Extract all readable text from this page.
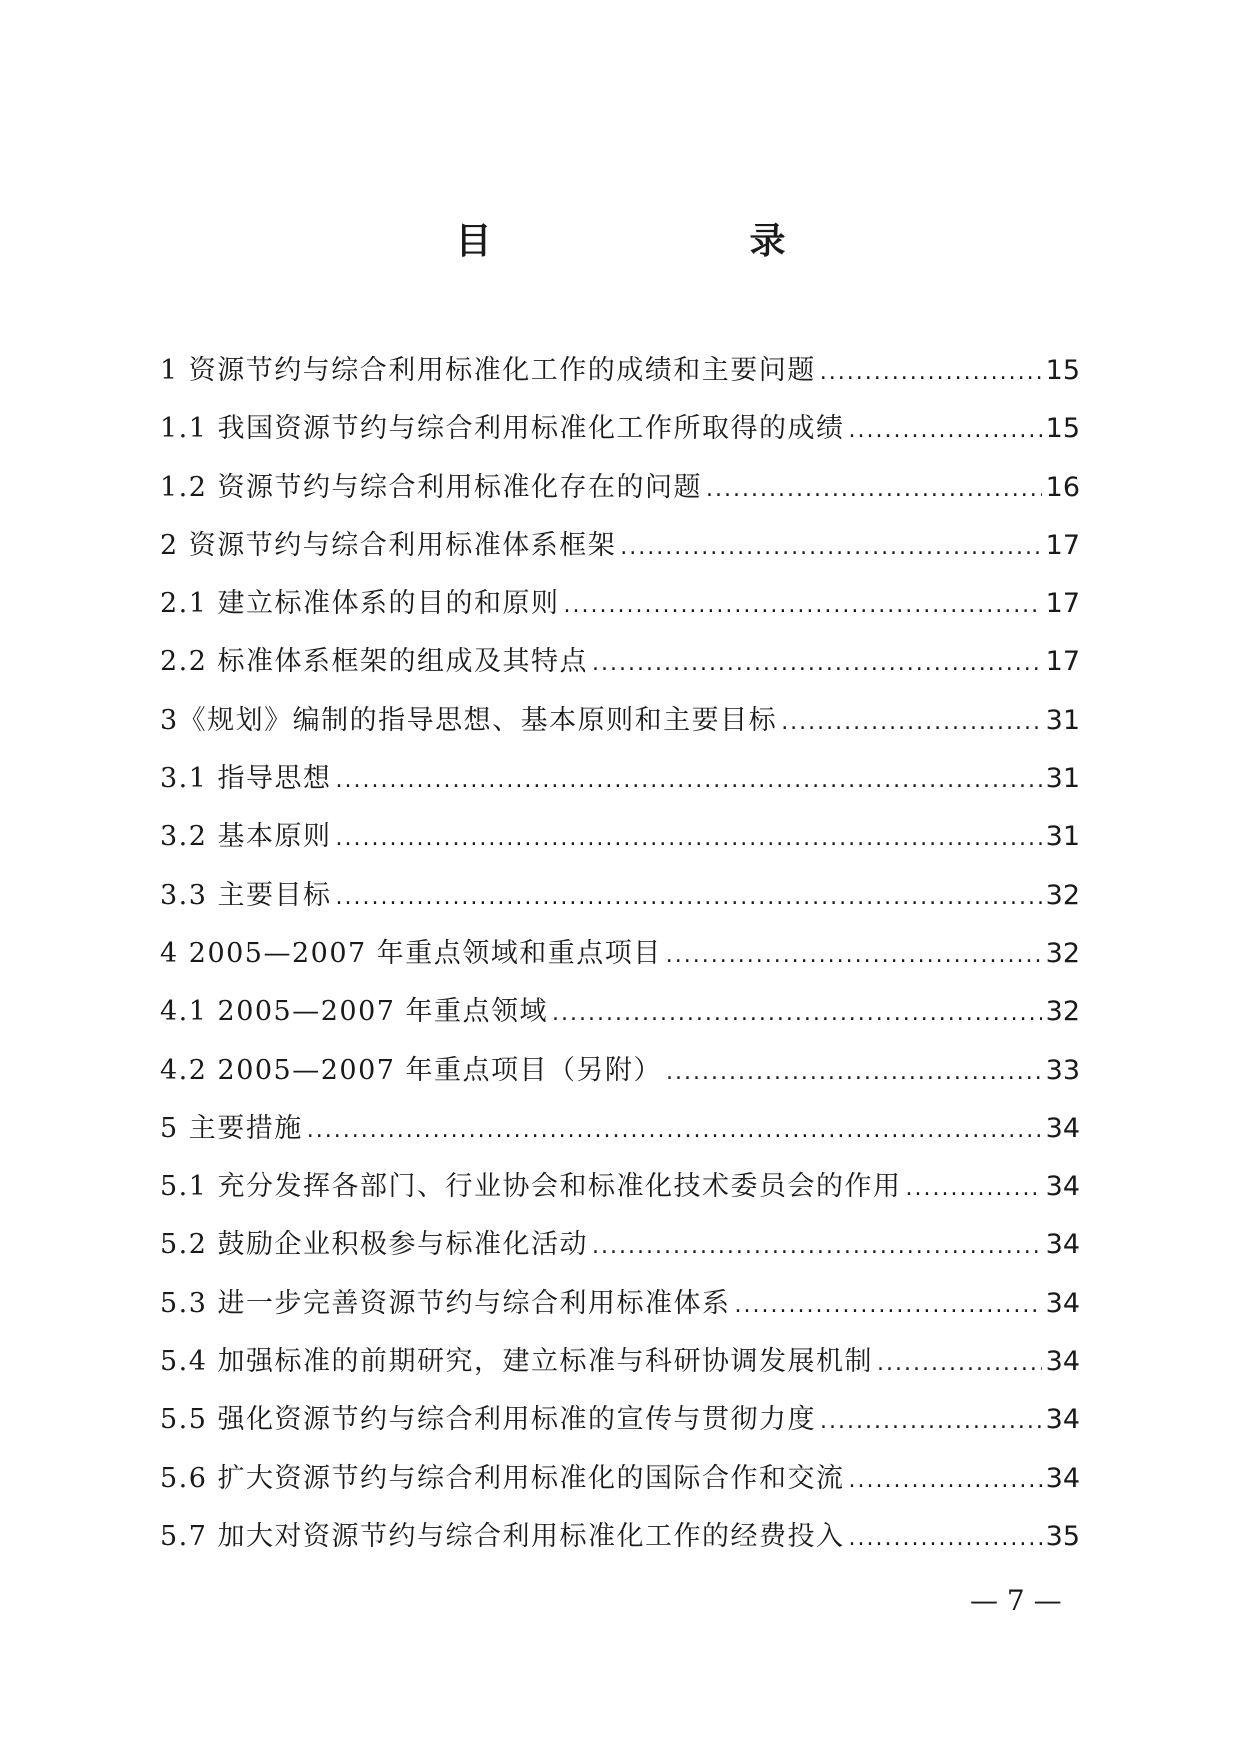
目　　录
1 资源节约与综合利用标准化工作的成绩和主要问题 .....	15
1.1 我国资源节约与综合利用标准化工作所取得的成绩 .....	15
1.2 资源节约与综合利用标准化存在的问题 .....	16
2 资源节约与综合利用标准体系框架 .....	17
2.1 建立标准体系的目的和原则 .....	17
2.2 标准体系框架的组成及其特点 .....	17
3《规划》编制的指导思想、基本原则和主要目标 .....	31
3.1 指导思想 .....	31
3.2 基本原则 .....	31
3.3 主要目标 .....	32
4 2005—2007 年重点领域和重点项目 .....	32
4.1 2005—2007 年重点领域 .....	32
4.2 2005—2007 年重点项目（另附） .....	33
5 主要措施 .....	34
5.1 充分发挥各部门、行业协会和标准化技术委员会的作用 .....	34
5.2 鼓励企业积极参与标准化活动 .....	34
5.3 进一步完善资源节约与综合利用标准体系 .....	34
5.4 加强标准的前期研究，建立标准与科研协调发展机制 .....	34
5.5 强化资源节约与综合利用标准的宣传与贯彻力度 .....	34
5.6 扩大资源节约与综合利用标准化的国际合作和交流 .....	34
5.7 加大对资源节约与综合利用标准化工作的经费投入 .....	35
— 7 —
